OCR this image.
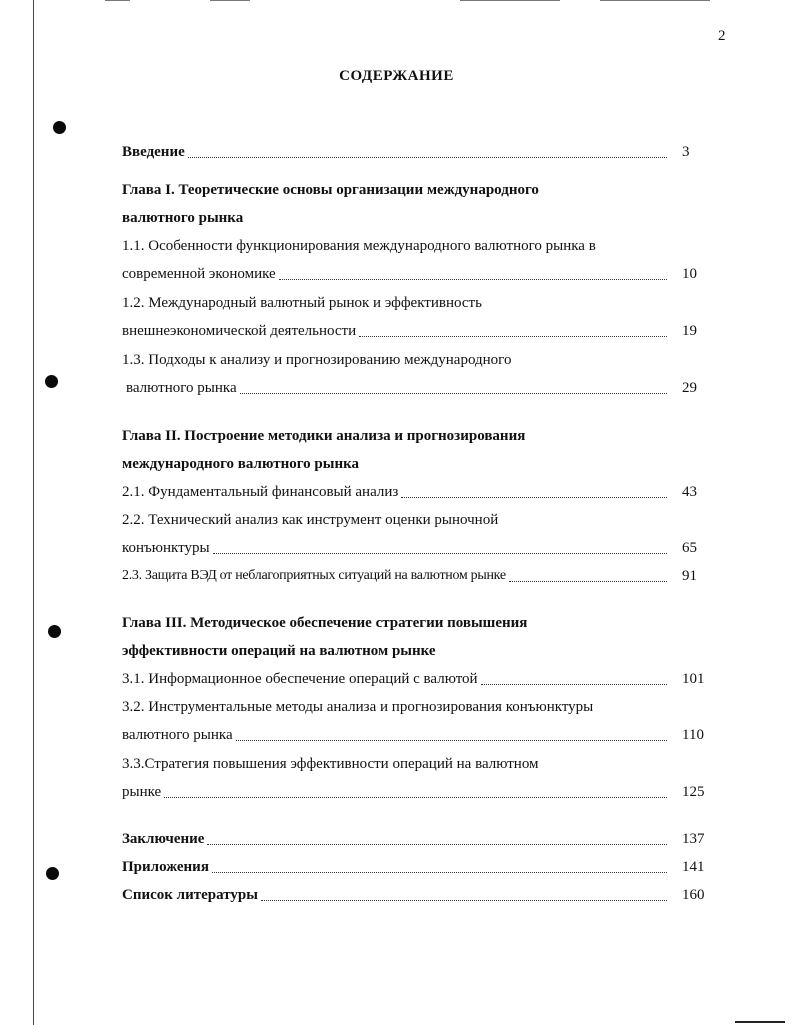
2
СОДЕРЖАНИЕ
Введение	3
Глава I. Теоретические основы организации международного
валютного рынка
1.1. Особенности функционирования международного валютного рынка в
современной экономике	10
1.2. Международный валютный рынок и эффективность
внешнеэкономической деятельности	19
1.3. Подходы к анализу и прогнозированию международного
валютного рынка	29
Глава II. Построение методики анализа и прогнозирования
международного валютного рынка
2.1. Фундаментальный финансовый анализ	43
2.2. Технический анализ как инструмент оценки рыночной
конъюнктуры	65
2.3. Защита ВЭД от неблагоприятных ситуаций на валютном рынке	91
Глава III. Методическое обеспечение стратегии повышения
эффективности операций на валютном рынке
3.1. Информационное обеспечение операций с валютой	101
3.2. Инструментальные методы анализа и прогнозирования конъюнктуры
валютного рынка	110
3.3.Стратегия повышения эффективности операций на валютном
рынке	125
Заключение	137
Приложения	141
Список литературы	160
